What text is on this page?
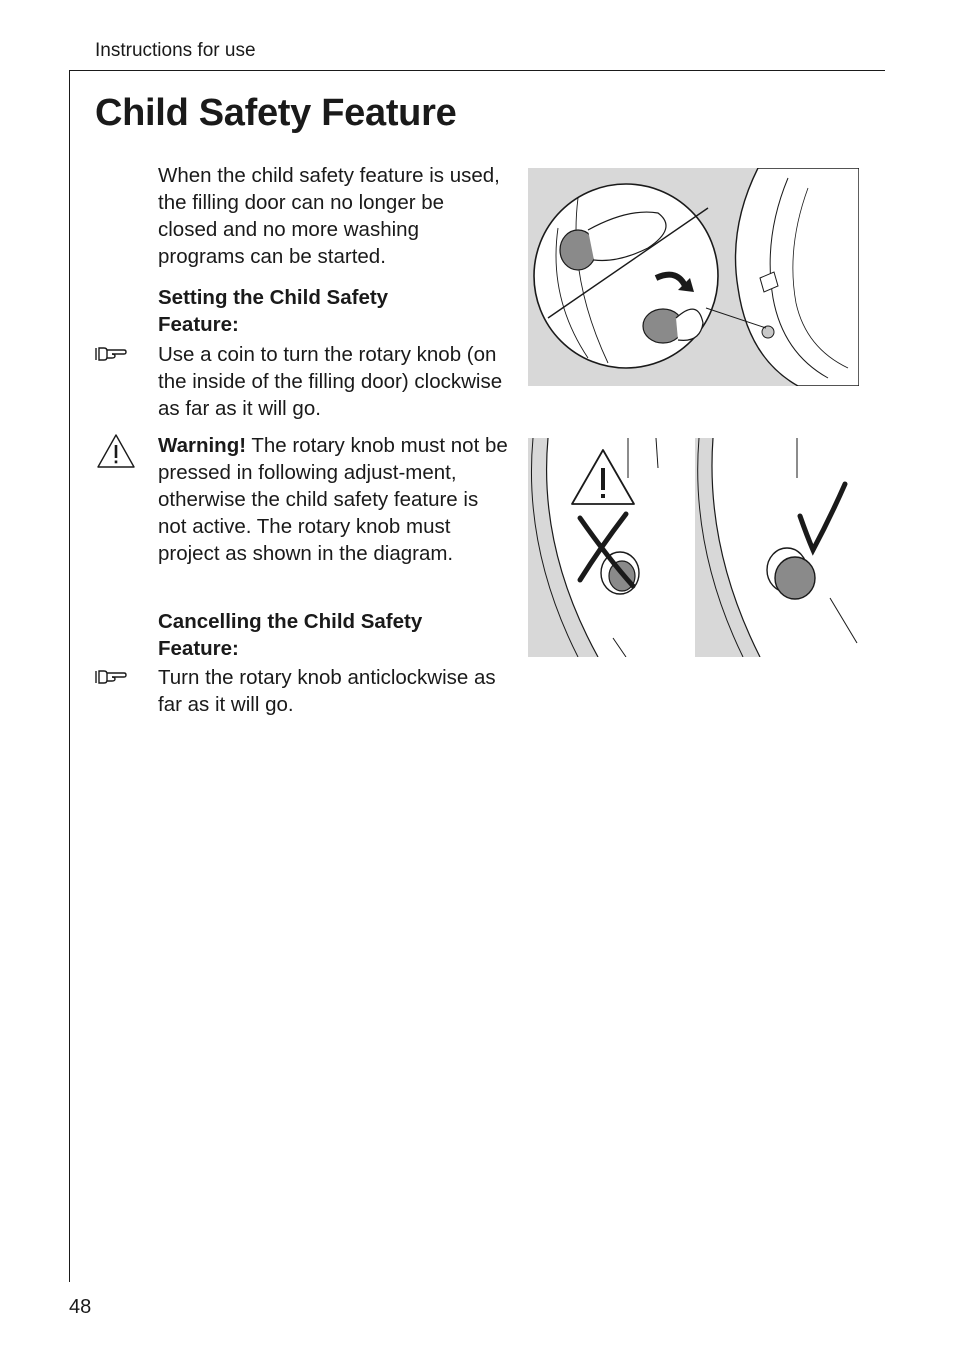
Instructions for use
Child Safety Feature

When the child safety feature is used, the filling door can no longer be closed and no more washing programs can be started.

Setting the Child Safety Feature:

Use a coin to turn the rotary knob (on the inside of the filling door) clockwise as far as it will go.

Warning! The rotary knob must not be pressed in following adjust-ment, otherwise the child safety feature is not active. The rotary knob must project as shown in the diagram.

Cancelling the Child Safety Feature:

Turn the rotary knob anticlockwise as far as it will go.

48
